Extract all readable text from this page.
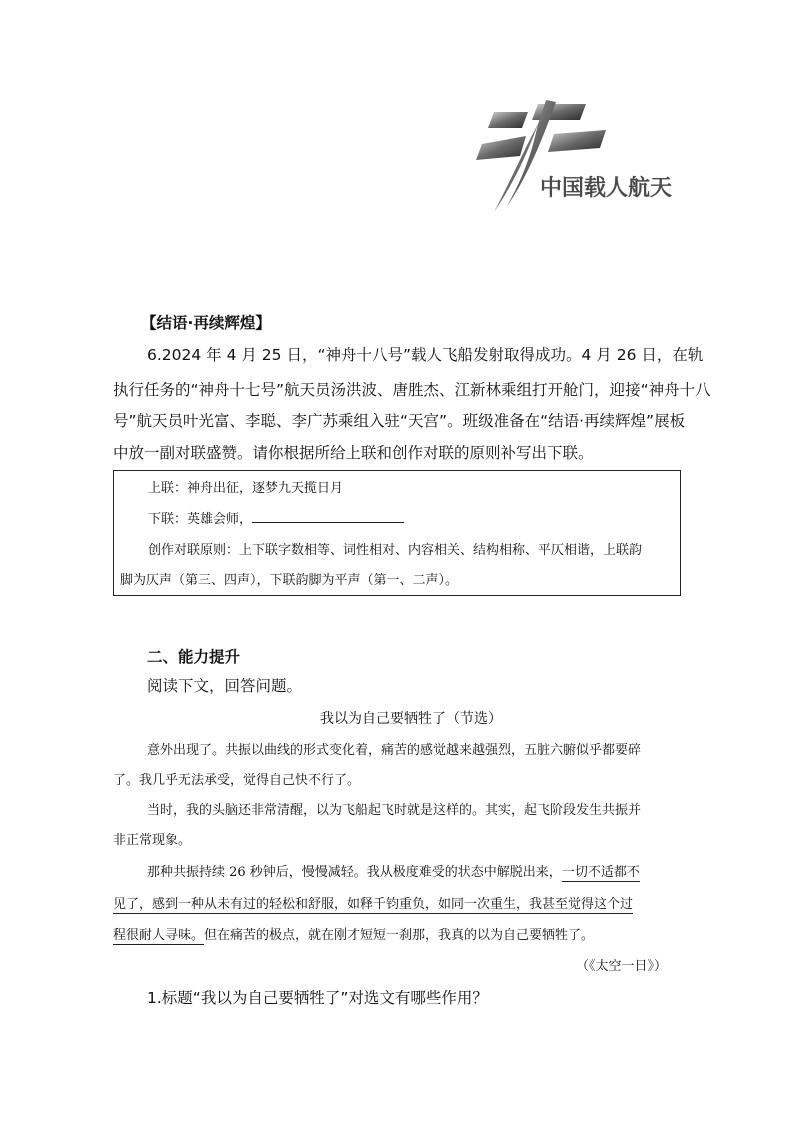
中国载人航天
【结语·再续辉煌】
6.2024 年 4 月 25 日，“神舟十八号”载人飞船发射取得成功。4 月 26 日，在轨
执行任务的“神舟十七号”航天员汤洪波、唐胜杰、江新林乘组打开舱门，迎接“神舟十八
号”航天员叶光富、李聪、李广苏乘组入驻“天宫”。班级准备在“结语·再续辉煌”展板
中放一副对联盛赞。请你根据所给上联和创作对联的原则补写出下联。
上联：神舟出征，逐梦九天揽日月
下联：英雄会师，
创作对联原则：上下联字数相等、词性相对、内容相关、结构相称、平仄相谐，上联韵
脚为仄声（第三、四声），下联韵脚为平声（第一、二声）。
二、能力提升
阅读下文，回答问题。
我以为自己要牺牲了（节选）
意外出现了。共振以曲线的形式变化着，痛苦的感觉越来越强烈，五脏六腑似乎都要碎
了。我几乎无法承受，觉得自己快不行了。
当时，我的头脑还非常清醒，以为飞船起飞时就是这样的。其实，起飞阶段发生共振并
非正常现象。
那种共振持续 26 秒钟后，慢慢减轻。我从极度难受的状态中解脱出来，一切不适都不
见了，感到一种从未有过的轻松和舒服，如释千钧重负，如同一次重生，我甚至觉得这个过
程很耐人寻味。但在痛苦的极点，就在刚才短短一刹那，我真的以为自己要牺牲了。
（《太空一日》）
1.标题“我以为自己要牺牲了”对选文有哪些作用？
